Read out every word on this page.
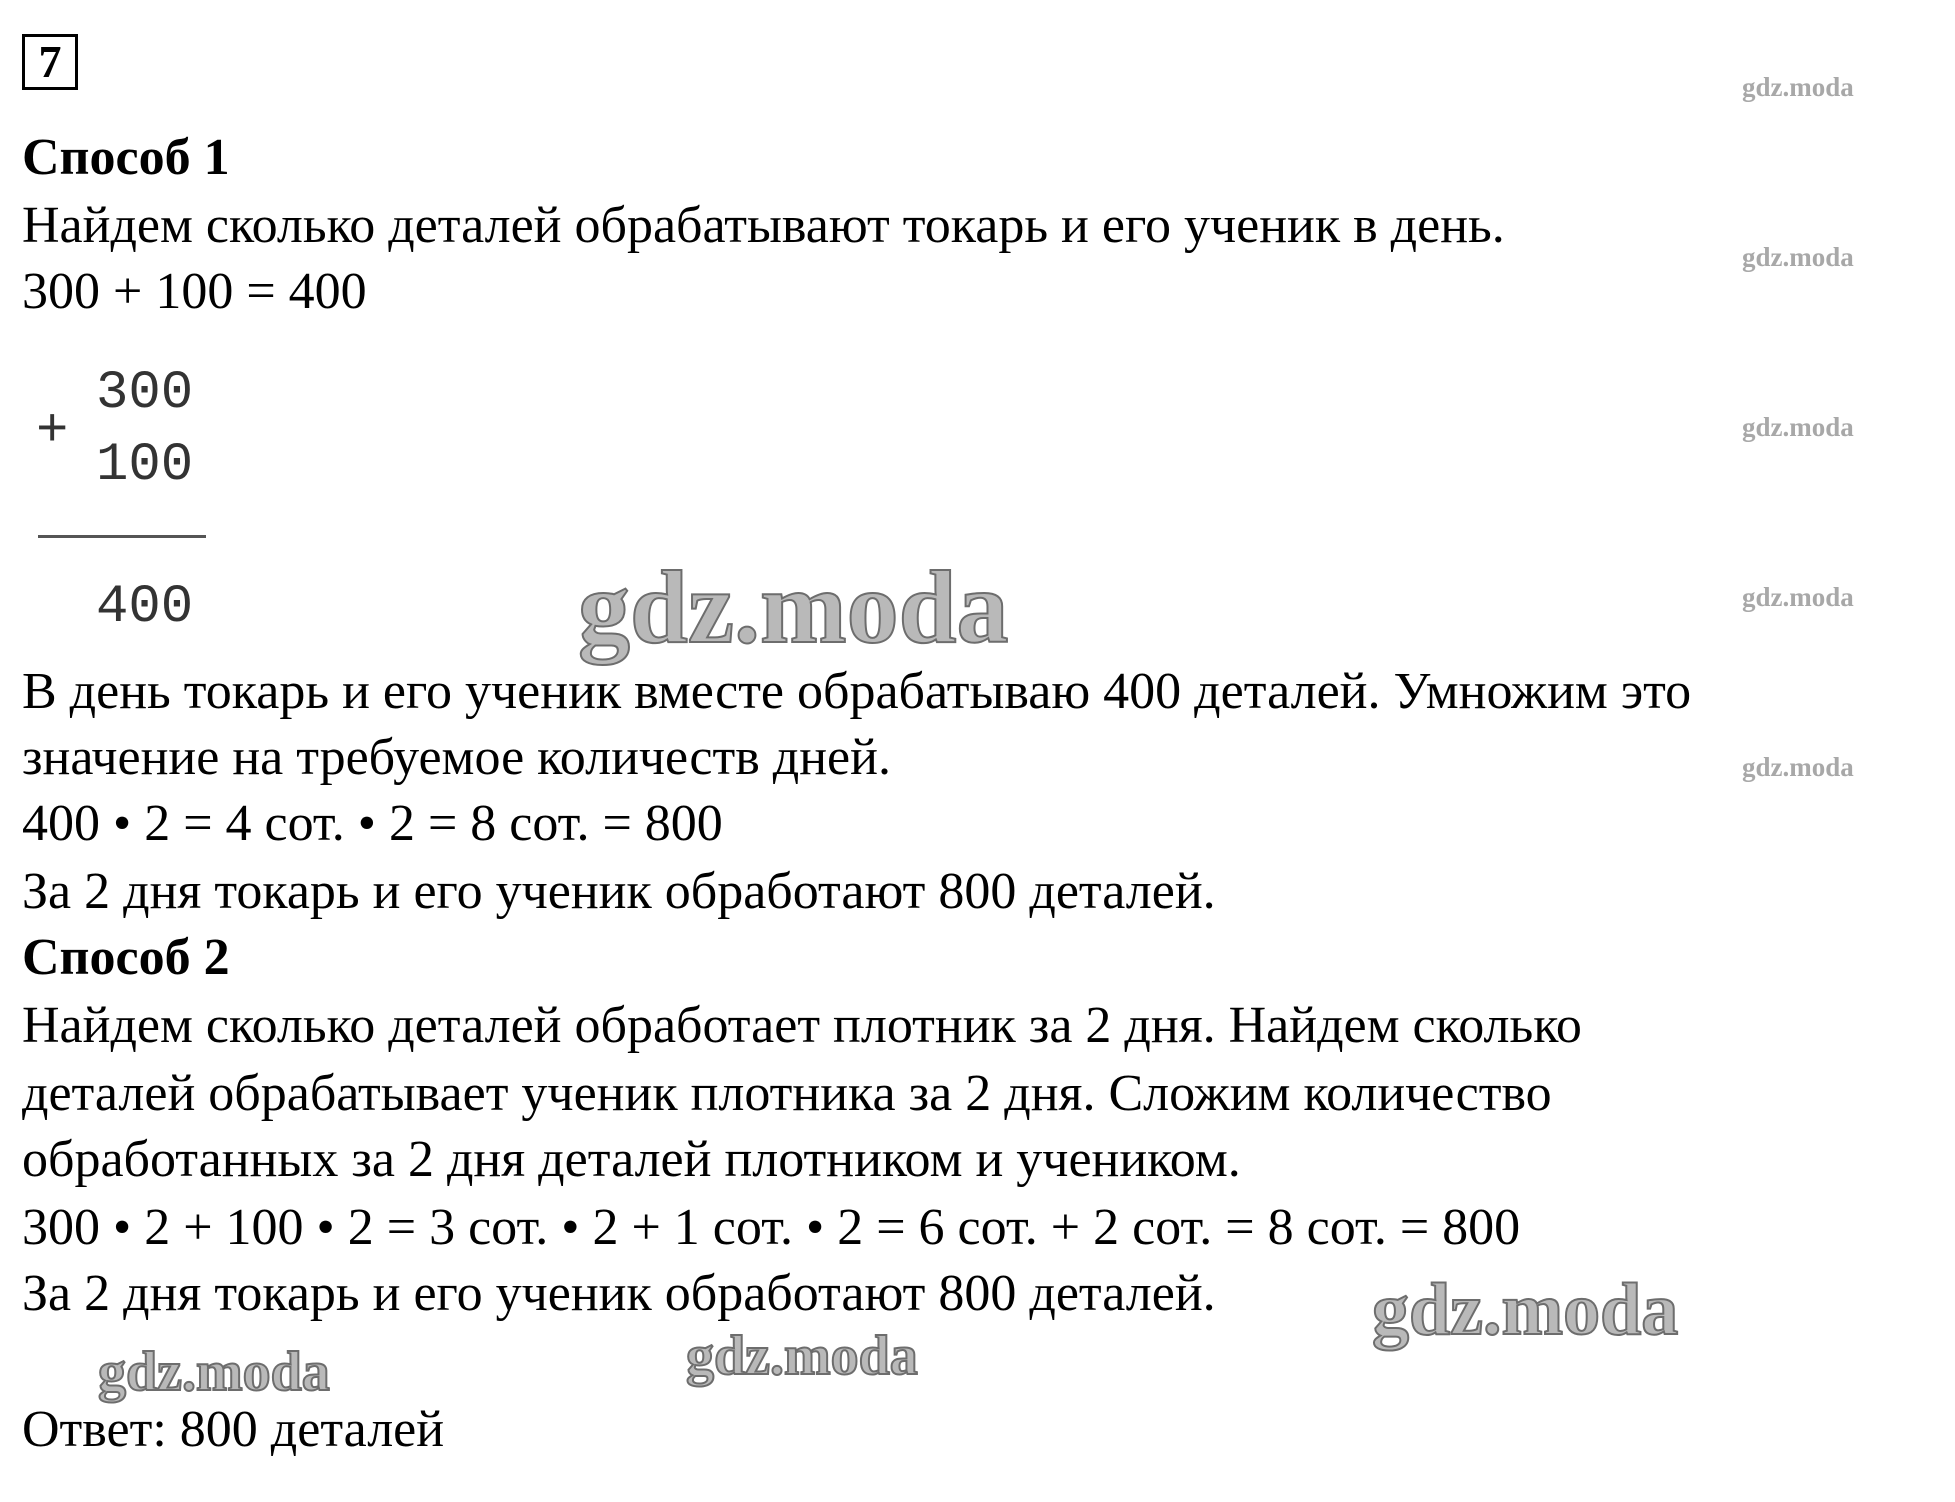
7	gdz.moda
gdz.moda
gdz.moda
gdz.moda
gdz.moda
Способ 1
Найдем сколько деталей обрабатывают токарь и его ученик в день.
300 + 100 = 400
+
300
100
400	gdz.moda
В день токарь и его ученик вместе обрабатываю 400 деталей. Умножим это
значение на требуемое количеств дней.
400 • 2 = 4 сот. • 2 = 8 сот. = 800
За 2 дня токарь и его ученик обработают 800 деталей.
Способ 2
Найдем сколько деталей обработает плотник за 2 дня. Найдем сколько
деталей обрабатывает ученик плотника за 2 дня. Сложим количество
обработанных за 2 дня деталей плотником и учеником.
300 • 2 + 100 • 2 = 3 сот. • 2 + 1 сот. • 2 = 6 сот. + 2 сот. = 8 сот. = 800
За 2 дня токарь и его ученик обработают 800 деталей. gdz.moda
gdz.moda	gdz.moda
Ответ: 800 деталей
